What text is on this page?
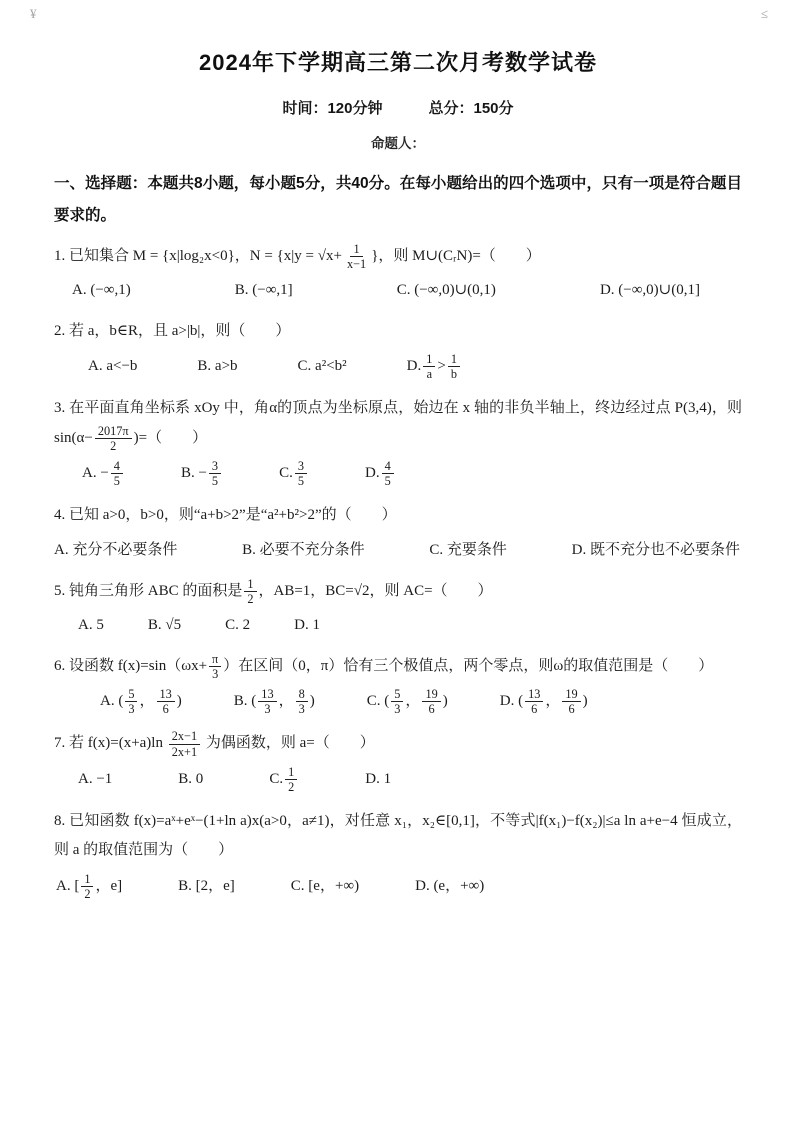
¥	≤
2024年下学期高三第二次月考数学试卷
时间：120分钟	总分：150分
命题人：

一、选择题：本题共8小题，每小题5分，共40分。在每小题给出的四个选项中，只有一项是符合题目要求的。

1. 已知集合 M = {x|log₂x<0}，$N = \{x|y = √x+ \frac{1}{x-1}$ }，则 M∪(CᵣN)=（　　）

A. (−∞,1)	B. (−∞,1]	C. (−∞,0)∪(0,1)	D. (−∞,0)∪(0,1]

2. 若 a，b∈R，且 a>|b|，则（　　）

A. a<−b	B. a>b	C. a²<b²	D. $\frac{1}{a} > \frac{1}{b}$

3. 在平面直角坐标系 xOy 中，角α的顶点为坐标原点，始边在 x 轴的非负半轴上，终边经过点 P(3,4)，则 $\sin(\alpha- \frac{2017\pi}{2}$ )=（　　）

A. − $\frac{4}{5}$	B. − $\frac{3}{5}$	C. $\frac{3}{5}$	D. $\frac{4}{5}$

4. 已知 a>0，b>0，则“a+b>2”是“a²+b²>2”的（　　）

A. 充分不必要条件	B. 必要不充分条件	C. 充要条件	D. 既不充分也不必要条件

5. 钝角三角形 ABC 的面积是 $\frac{1}{2}$ ，AB=1，BC=√2，则 AC=（　　）

A. 5	B. √5	C. 2	D. 1

6. 设函数 $f(x)=\sin(\omega x+ \frac{\pi}{3}$ ）在区间（0，π）恰有三个极值点，两个零点，则ω的取值范围是（　　）

A. ( $\frac{5}{3}$ ， $\frac{13}{6}$ )	B. ( $\frac{13}{3}$ ， $\frac{8}{3}$ )	C. ( $\frac{5}{3}$ ， $\frac{19}{6}$ )	D. ( $\frac{13}{6}$ ， $\frac{19}{6}$ )

7. 若 $f(x)=(x+a)\ln \frac{2x-1}{2x+1}$ 为偶函数，则 a=（　　）

A. −1	B. 0	C. $\frac{1}{2}$	D. 1

8. 已知函数 f(x)=aˣ+eˣ−(1+ln a)x(a>0，a≠1)，对任意 x₁，x₂∈[0,1]，不等式|f(x₁)−f(x₂)|≤a ln a+e−4 恒成立，则 a 的取值范围为（　　）

A. [ $\frac{1}{2}$ ，e]	B. [2，e]	C. [e，+∞)	D. (e，+∞)
